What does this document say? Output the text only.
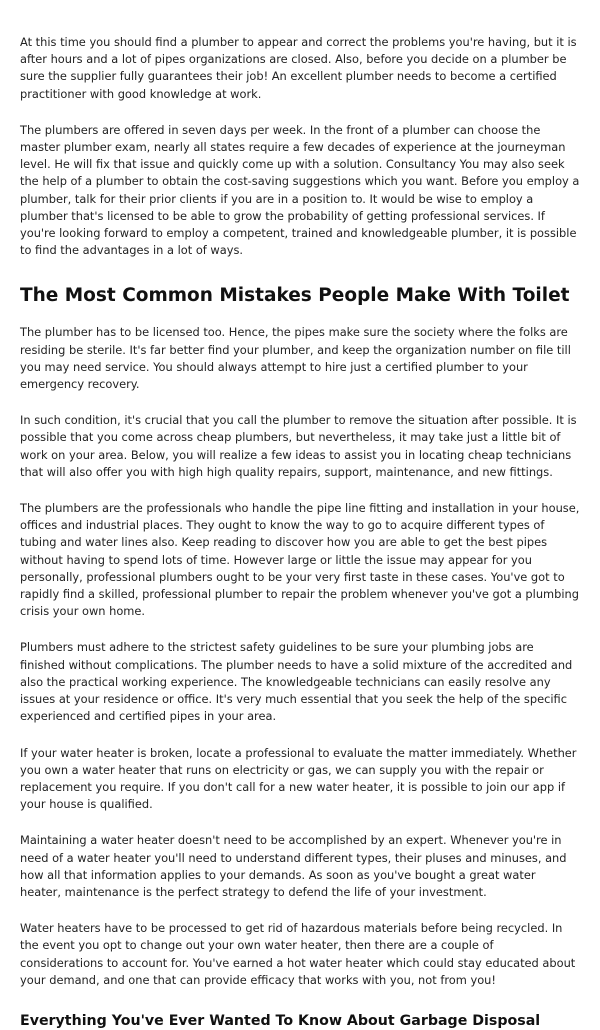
At this time you should find a plumber to appear and correct the problems you're having, but it is after hours and a lot of pipes organizations are closed. Also, before you decide on a plumber be sure the supplier fully guarantees their job! An excellent plumber needs to become a certified practitioner with good knowledge at work.

The plumbers are offered in seven days per week. In the front of a plumber can choose the master plumber exam, nearly all states require a few decades of experience at the journeyman level. He will fix that issue and quickly come up with a solution. Consultancy You may also seek the help of a plumber to obtain the cost-saving suggestions which you want. Before you employ a plumber, talk for their prior clients if you are in a position to. It would be wise to employ a plumber that's licensed to be able to grow the probability of getting professional services. If you're looking forward to employ a competent, trained and knowledgeable plumber, it is possible to find the advantages in a lot of ways.

The Most Common Mistakes People Make With Toilet

The plumber has to be licensed too. Hence, the pipes make sure the society where the folks are residing be sterile. It's far better find your plumber, and keep the organization number on file till you may need service. You should always attempt to hire just a certified plumber to your emergency recovery.

In such condition, it's crucial that you call the plumber to remove the situation after possible. It is possible that you come across cheap plumbers, but nevertheless, it may take just a little bit of work on your area. Below, you will realize a few ideas to assist you in locating cheap technicians that will also offer you with high high quality repairs, support, maintenance, and new fittings.

The plumbers are the professionals who handle the pipe line fitting and installation in your house, offices and industrial places. They ought to know the way to go to acquire different types of tubing and water lines also. Keep reading to discover how you are able to get the best pipes without having to spend lots of time. However large or little the issue may appear for you personally, professional plumbers ought to be your very first taste in these cases. You've got to rapidly find a skilled, professional plumber to repair the problem whenever you've got a plumbing crisis your own home.

Plumbers must adhere to the strictest safety guidelines to be sure your plumbing jobs are finished without complications. The plumber needs to have a solid mixture of the accredited and also the practical working experience. The knowledgeable technicians can easily resolve any issues at your residence or office. It's very much essential that you seek the help of the specific experienced and certified pipes in your area.

If your water heater is broken, locate a professional to evaluate the matter immediately. Whether you own a water heater that runs on electricity or gas, we can supply you with the repair or replacement you require. If you don't call for a new water heater, it is possible to join our app if your house is qualified.

Maintaining a water heater doesn't need to be accomplished by an expert. Whenever you're in need of a water heater you'll need to understand different types, their pluses and minuses, and how all that information applies to your demands. As soon as you've bought a great water heater, maintenance is the perfect strategy to defend the life of your investment.

Water heaters have to be processed to get rid of hazardous materials before being recycled. In the event you opt to change out your own water heater, then there are a couple of considerations to account for. You've earned a hot water heater which could stay educated about your demand, and one that can provide efficacy that works with you, not from you!

Everything You've Ever Wanted To Know About Garbage Disposal
